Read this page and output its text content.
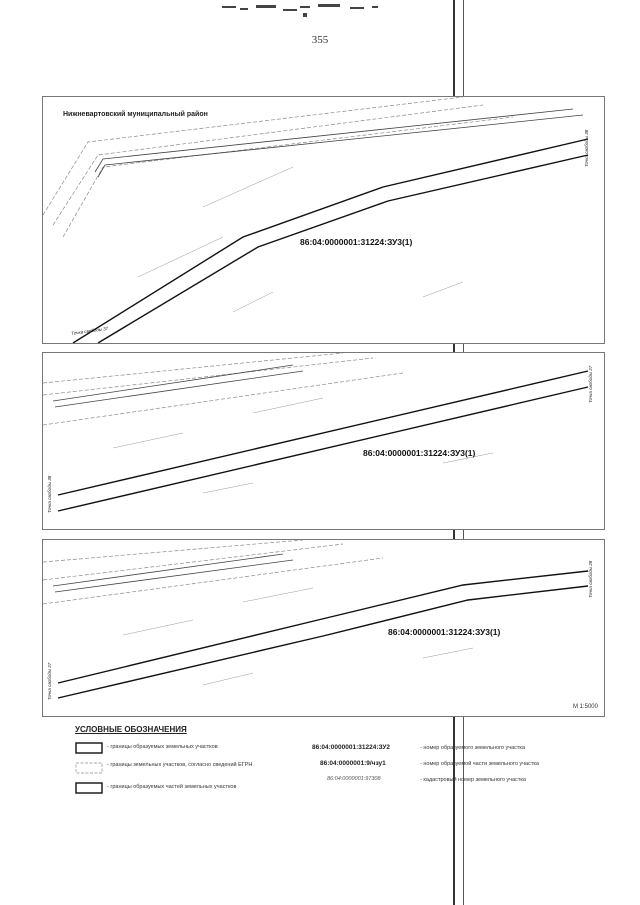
355
Нижневартовский муниципальный район
86:04:0000001:31224:ЗУ3(1)
Точка свободы 37
Точка свободы 38
86:04:0000001:31224:ЗУ3(1)
Точка свободы 38
Точка свободы 27
86:04:0000001:31224:ЗУ3(1)
Точка свободы 27
Точка свободы 28
М 1:5000
УСЛОВНЫЕ ОБОЗНАЧЕНИЯ
- границы образуемых земельных участков
- границы земельных участков, согласно сведений ЕГРН
- границы образуемых частей земельных участков
86:04:0000001:31224:ЗУ2	- номер образуемого земельного участка
86:04:0000001:9/чзу1	- номер образуемой части земельного участка
86:04:0000001:97308	- кадастровый номер земельного участка
